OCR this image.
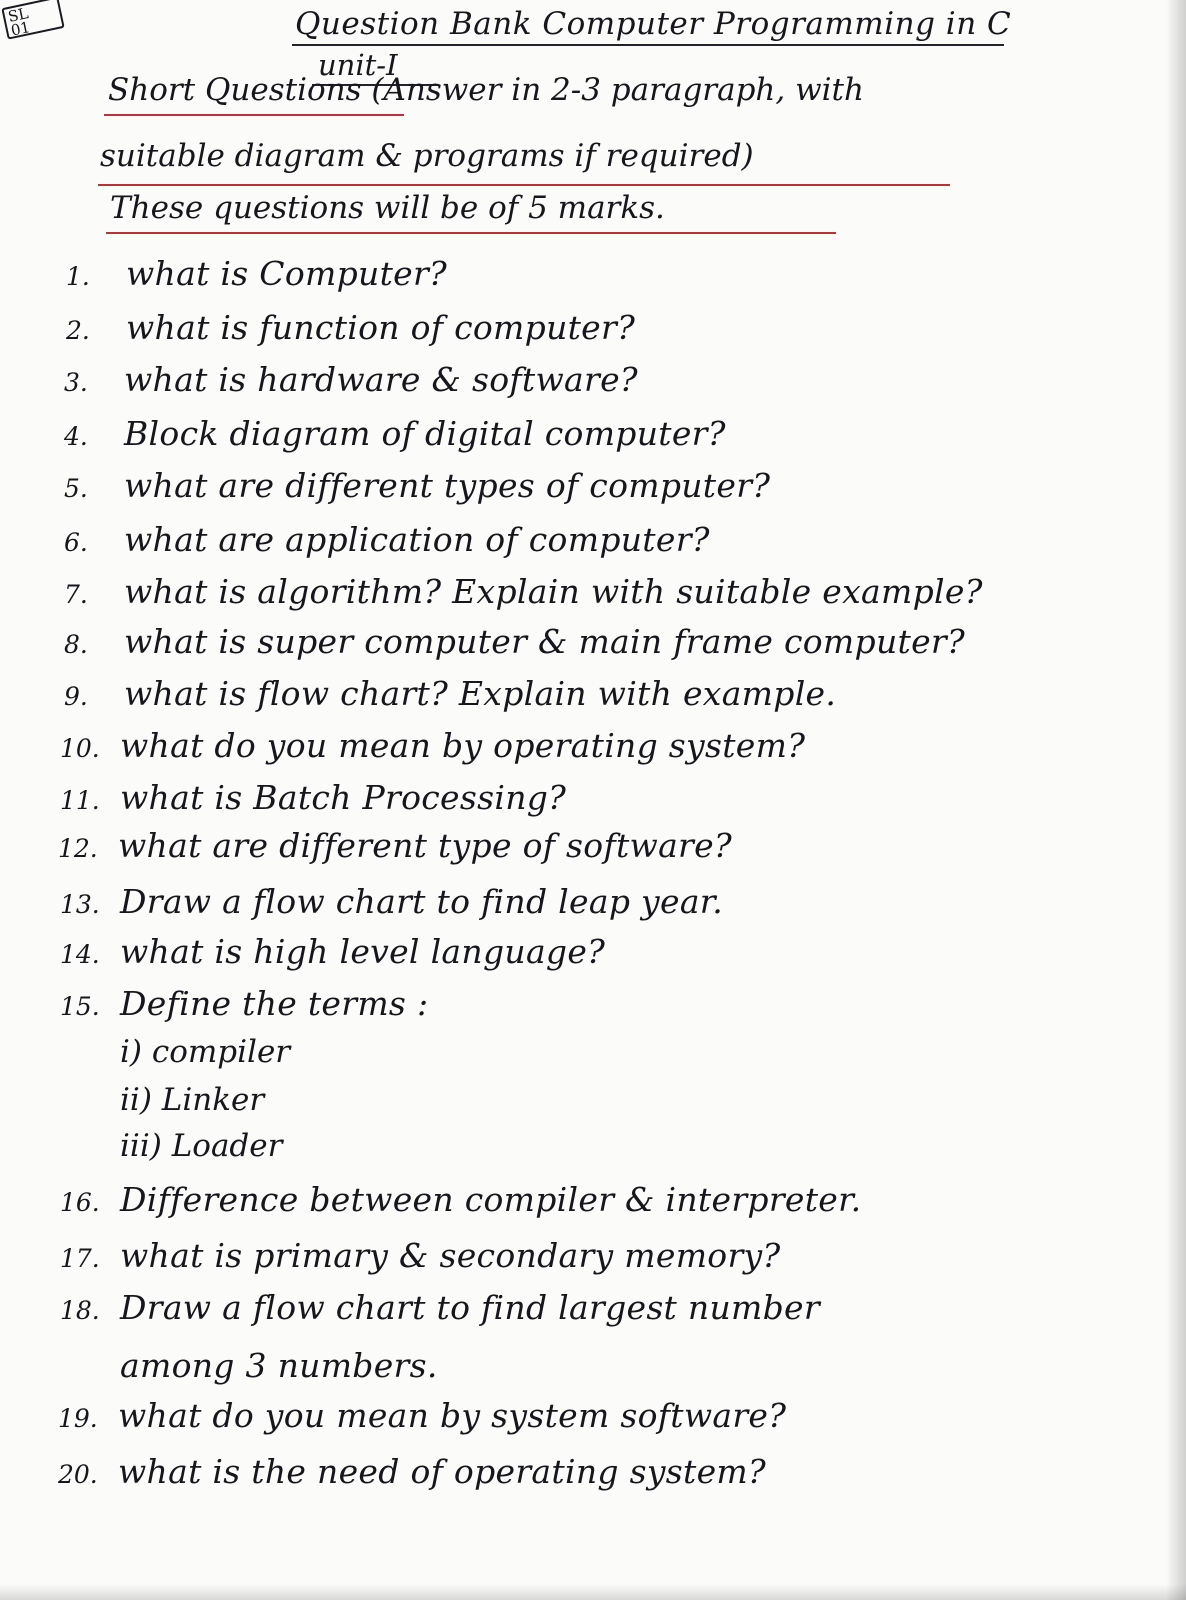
SL
01	Question Bank Computer Programming in C
unit-I
Short Questions (Answer in 2-3 paragraph, with
suitable diagram & programs if required)
These questions will be of 5 marks.
1. what is Computer?
2. what is function of computer?
3. what is hardware & software?
4. Block diagram of digital computer?
5. what are different types of computer?
6. what are application of computer?
7. what is algorithm? Explain with suitable example?
8. what is super computer & main frame computer?
9. what is flow chart? Explain with example.
10. what do you mean by operating system?
11. what is Batch Processing?
12. what are different type of software?
13. Draw a flow chart to find leap year.
14. what is high level language?
15. Define the terms :
i) compiler
ii) Linker
iii) Loader
16. Difference between compiler & interpreter.
17. what is primary & secondary memory?
18. Draw a flow chart to find largest number
among 3 numbers.
19. what do you mean by system software?
20. what is the need of operating system?
